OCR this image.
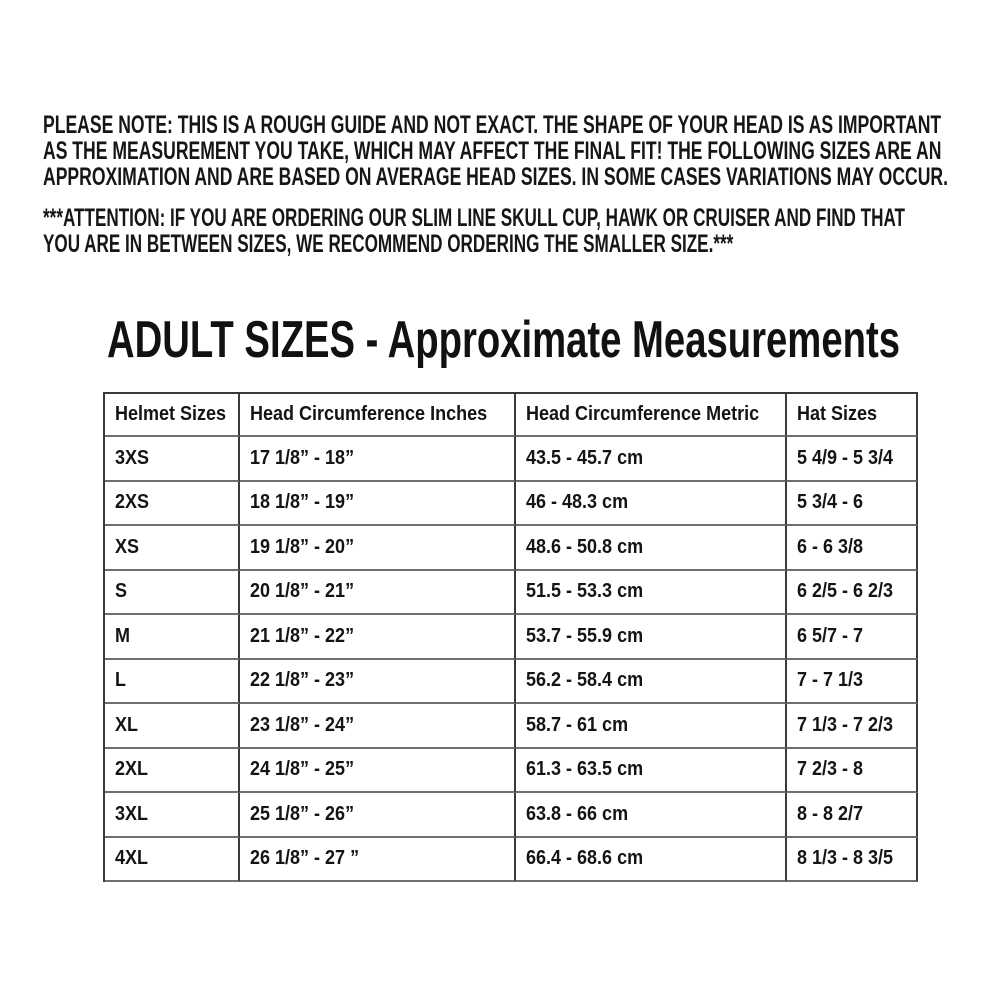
PLEASE NOTE: THIS IS A ROUGH GUIDE AND NOT EXACT. THE SHAPE OF YOUR HEAD IS AS IMPORTANT
AS THE MEASUREMENT YOU TAKE, WHICH MAY AFFECT THE FINAL FIT! THE FOLLOWING SIZES ARE AN
APPROXIMATION AND ARE BASED ON AVERAGE HEAD SIZES. IN SOME CASES VARIATIONS MAY OCCUR.
***ATTENTION: IF YOU ARE ORDERING OUR SLIM LINE SKULL CUP, HAWK OR CRUISER AND FIND THAT
YOU ARE IN BETWEEN SIZES, WE RECOMMEND ORDERING THE SMALLER SIZE.***
ADULT SIZES - Approximate Measurements
Helmet Sizes	Head Circumference Inches	Head Circumference Metric	Hat Sizes
3XS	17 1/8” - 18”	43.5 - 45.7 cm	5 4/9 - 5 3/4
2XS	18 1/8” - 19”	46 - 48.3 cm	5 3/4 - 6
XS	19 1/8” - 20”	48.6 - 50.8 cm	6 - 6 3/8
S	20 1/8” - 21”	51.5 - 53.3 cm	6 2/5 - 6 2/3
M	21 1/8” - 22”	53.7 - 55.9 cm	6 5/7 - 7
L	22 1/8” - 23”	56.2 - 58.4 cm	7 - 7 1/3
XL	23 1/8” - 24”	58.7 - 61 cm	7 1/3 - 7 2/3
2XL	24 1/8” - 25”	61.3 - 63.5 cm	7 2/3 - 8
3XL	25 1/8” - 26”	63.8 - 66 cm	8 - 8 2/7
4XL	26 1/8” - 27 ”	66.4 - 68.6 cm	8 1/3 - 8 3/5
